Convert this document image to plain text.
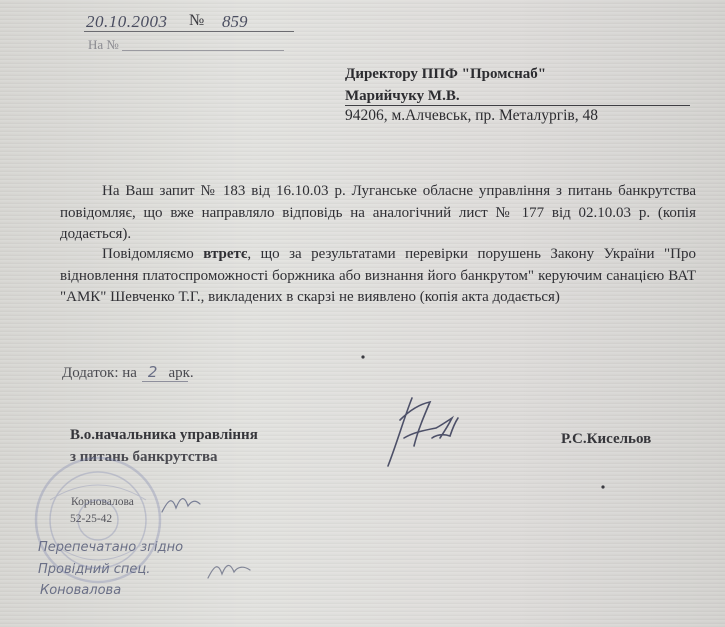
20.10.2003 № 859
На №
Директору ППФ "Промснаб"
Марийчуку М.В.
94206, м.Алчевськ, пр. Металургів, 48
На Ваш запит № 183 від 16.10.03 р. Луганське обласне управління з питань банкрутства повідомляє, що вже направляло відповідь на аналогічний лист № 177 від 02.10.03 р. (копія додається).
Повідомляємо втретє, що за результатами перевірки порушень Закону України "Про відновлення платоспроможності боржника або визнання його банкрутом" керуючим санацією ВАТ "АМК" Шевченко Т.Г., викладених в скарзі не виявлено (копія акта додається)
Додаток: на 2 арк.
В.о.начальника управління
з питань банкрутства
Р.С.Кисельов
Корновалова
52-25-42
Перепечатано згідно
Провідний спец.
Коновалова
